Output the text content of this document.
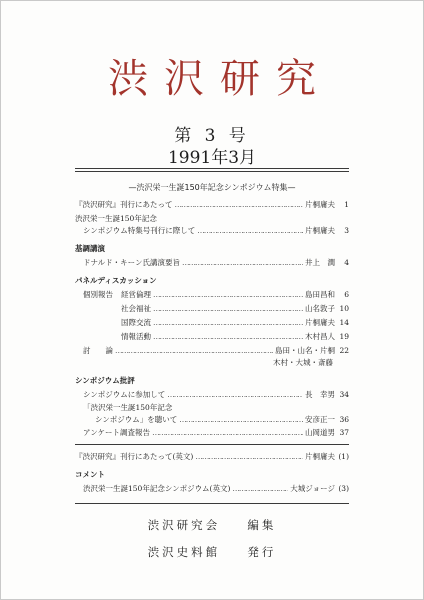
渋沢研究
第 3 号
1991年3月
—渋沢栄一生誕150年記念シンポジウム特集—
『渋沢研究』刊行にあたって ………………………………………………………………………………………………………………………………………………………………	片桐庸夫	1
渋沢栄一生誕150年記念
シンポジウム特集号刊行に際して ………………………………………………………………………………………………………………………………………………………………	片桐庸夫	3
基調講演
ドナルド・キーン氏講演要旨 ………………………………………………………………………………………………………………………………………………………………	井上　潤	4
パネルディスカッション
個別報告	経営倫理 ………………………………………………………………………………………………………………………………………………………………	島田昌和	6
社会福祉 ………………………………………………………………………………………………………………………………………………………………	山名敦子 10
国際交流 ………………………………………………………………………………………………………………………………………………………………	片桐庸夫 14
情報活動 ………………………………………………………………………………………………………………………………………………………………	木村昌人 19
討　　論 ………………………………………………………………………………………………………………………………………………………………	島田・山名・片桐 22
木村・大城・斎藤
シンポジウム批評
シンポジウムに参加して ………………………………………………………………………………………………………………………………………………………………	長　幸男 34
「渋沢栄一生誕150年記念
シンポジウム」を聴いて ………………………………………………………………………………………………………………………………………………………………	安彦正一 36
アンケート調査報告 ………………………………………………………………………………………………………………………………………………………………	山岡道男 37
『渋沢研究』刊行にあたって(英文) ………………………………………………………………………………………………………………………………………………………………	片桐庸夫 (1)
コメント
渋沢栄一生誕150年記念シンポジウム(英文) ………………………………………………………………………………………………………………………………………………………………	大城ジョージ (3)
渋沢研究会 編集
渋沢史料館 発行
